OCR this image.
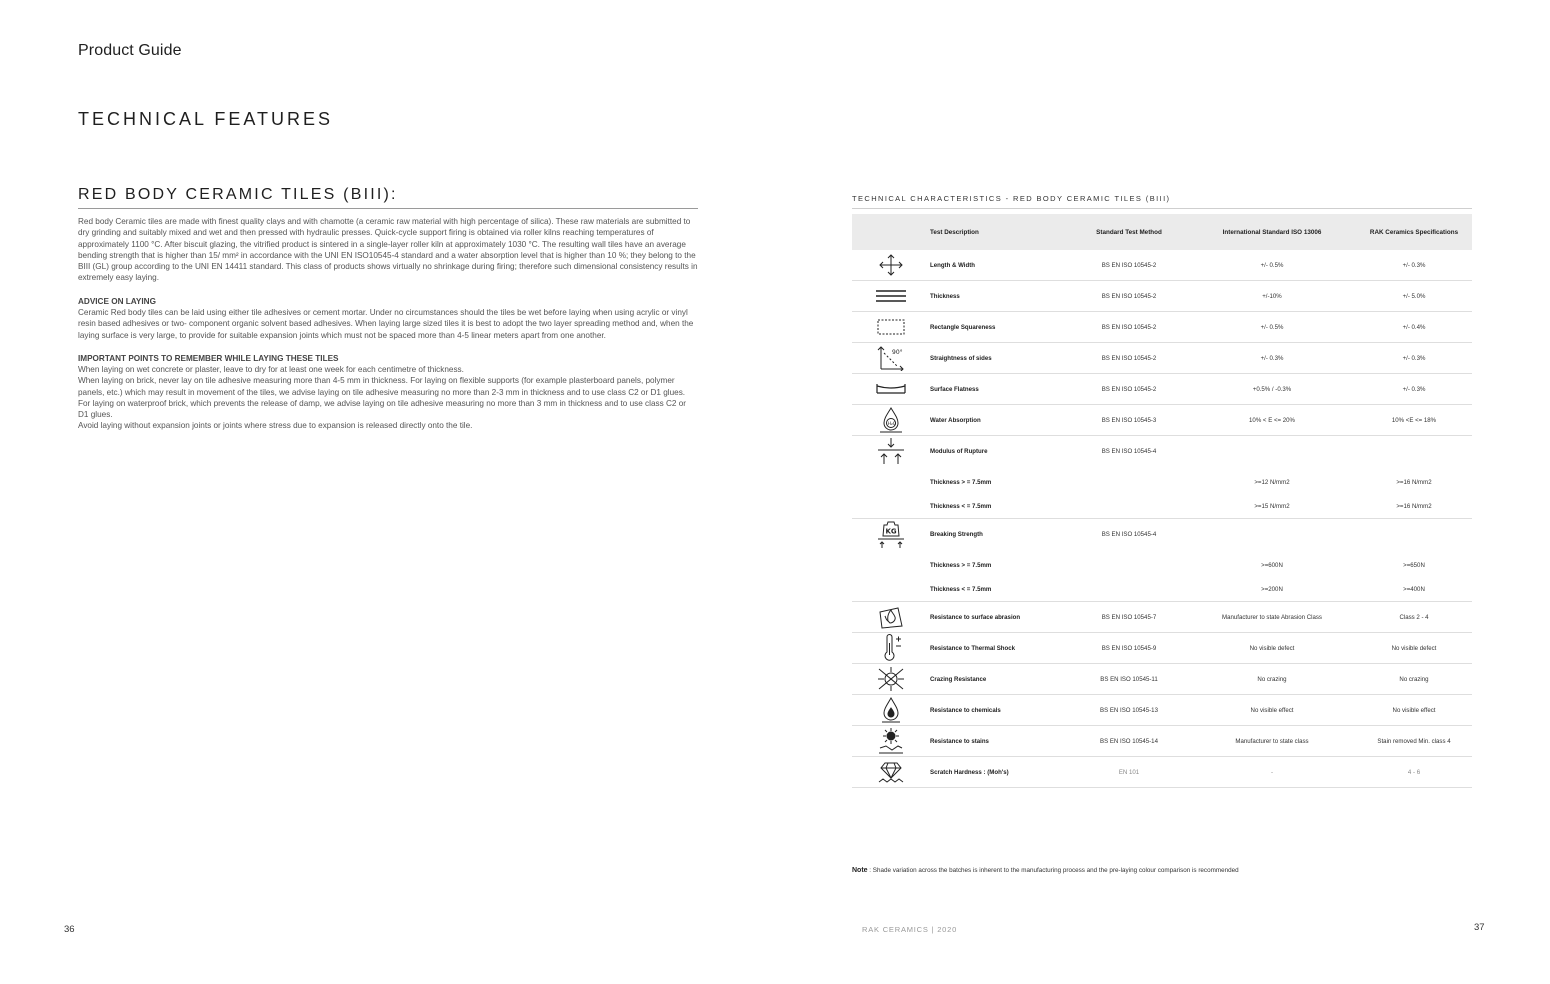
Product Guide
TECHNICAL FEATURES
RED BODY CERAMIC TILES (BIII):

Red body Ceramic tiles are made with finest quality clays and with chamotte (a ceramic raw material with high percentage of silica). These raw materials are submitted to dry grinding and suitably mixed and wet and then pressed with hydraulic presses. Quick-cycle support firing is obtained via roller kilns reaching temperatures of approximately 1100 °C. After biscuit glazing, the vitrified product is sintered in a single-layer roller kiln at approximately 1030 °C. The resulting wall tiles have an average bending strength that is higher than 15/ mm² in accordance with the UNI EN ISO10545-4 standard and a water absorption level that is higher than 10 %; they belong to the BIII (GL) group according to the UNI EN 14411 standard. This class of products shows virtually no shrinkage during firing; therefore such dimensional consistency results in extremely easy laying.

ADVICE ON LAYING

Ceramic Red body tiles can be laid using either tile adhesives or cement mortar. Under no circumstances should the tiles be wet before laying when using acrylic or vinyl resin based adhesives or two- component organic solvent based adhesives. When laying large sized tiles it is best to adopt the two layer spreading method and, when the laying surface is very large, to provide for suitable expansion joints which must not be spaced more than 4-5 linear meters apart from one another.

IMPORTANT POINTS TO REMEMBER WHILE LAYING THESE TILES

When laying on wet concrete or plaster, leave to dry for at least one week for each centimetre of thickness.
When laying on brick, never lay on tile adhesive measuring more than 4-5 mm in thickness. For laying on flexible supports (for example plasterboard panels, polymer panels, etc.) which may result in movement of the tiles, we advise laying on tile adhesive measuring no more than 2-3 mm in thickness and to use class C2 or D1 glues.
For laying on waterproof brick, which prevents the release of damp, we advise laying on tile adhesive measuring no more than 3 mm in thickness and to use class C2 or D1 glues.
Avoid laying without expansion joints or joints where stress due to expansion is released directly onto the tile.
TECHNICAL CHARACTERISTICS - RED BODY CERAMIC TILES (BIII)
	Test Description	Standard Test Method	International Standard ISO 13006	RAK Ceramics Specifications

	Length & Width	BS EN ISO 10545-2	+/- 0.5%	+/- 0.3%

	Thickness	BS EN ISO 10545-2	+/-10%	+/- 5.0%

	Rectangle Squareness	BS EN ISO 10545-2	+/- 0.5%	+/- 0.4%

90°	Straightness of sides	BS EN ISO 10545-2	+/- 0.3%	+/- 0.3%

	Surface Flatness	BS EN ISO 10545-2	+0.5% / -0.3%	+/- 0.3%

H₂O	Water Absorption	BS EN ISO 10545-3	10% < E <= 20%	10% <E <= 18%

	Modulus of Rupture	BS EN ISO 10545-4		
	Thickness > = 7.5mm		>=12 N/mm2	>=16 N/mm2
	Thickness < = 7.5mm		>=15 N/mm2	>=16 N/mm2

KG	Breaking Strength	BS EN ISO 10545-4		
	Thickness > = 7.5mm		>=600N	>=650N
	Thickness < = 7.5mm		>=200N	>=400N

	Resistance to surface abrasion	BS EN ISO 10545-7	Manufacturer to state Abrasion Class	Class 2 - 4

	Resistance to Thermal Shock	BS EN ISO 10545-9	No visible defect	No visible defect

	Crazing Resistance	BS EN ISO 10545-11	No crazing	No crazing

	Resistance to chemicals	BS EN ISO 10545-13	No visible effect	No visible effect

	Resistance to stains	BS EN ISO 10545-14	Manufacturer to state class	Stain removed Min. class 4

	Scratch Hardness : (Moh's)	EN 101	-	4 - 6
Note : Shade variation across the batches is inherent to the manufacturing process and the pre-laying colour comparison is recommended
36	RAK CERAMICS | 2020	37
